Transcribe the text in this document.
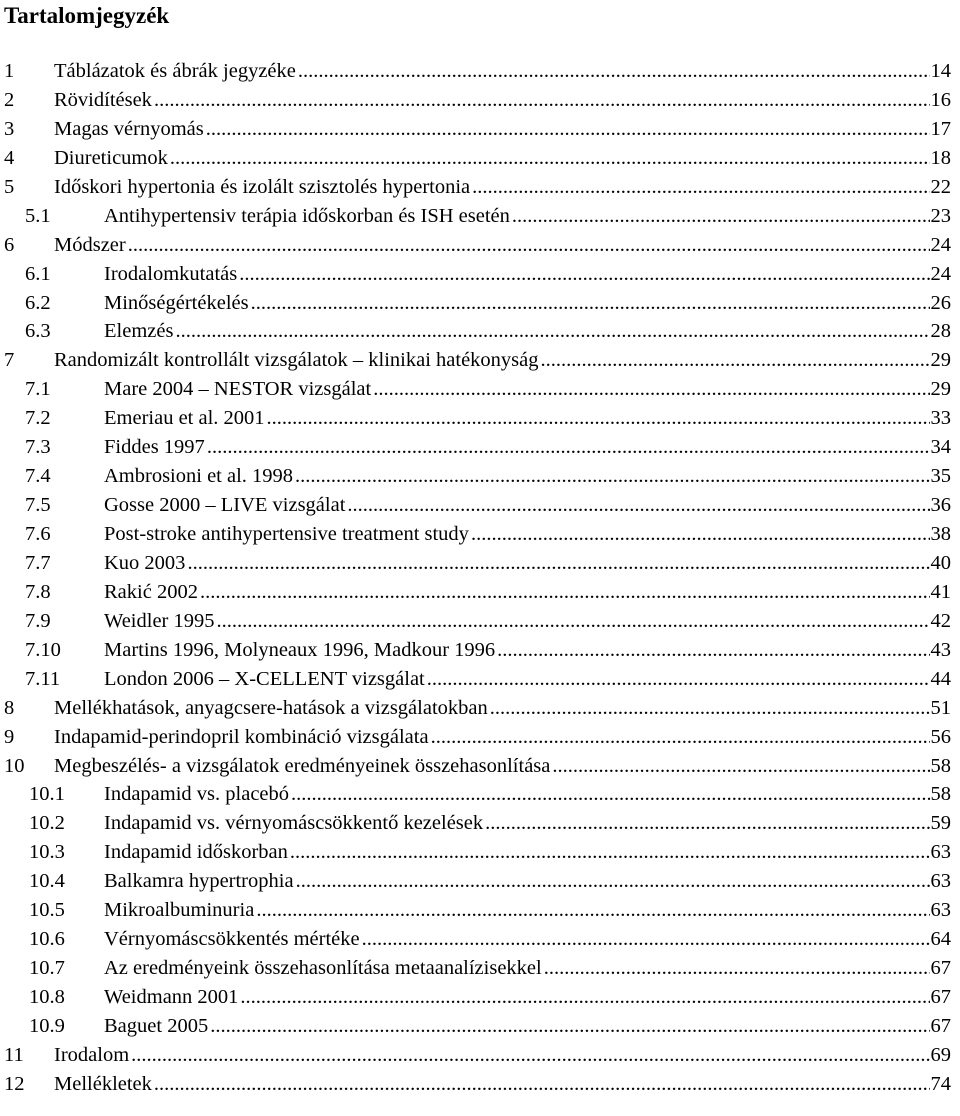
Tartalomjegyzék
1 Táblázatok és ábrák jegyzéke .....	14
2 Rövidítések .....	16
3 Magas vérnyomás .....	17
4 Diureticumok .....	18
5 Időskori hypertonia és izolált szisztolés hypertonia .....	22
5.1	Antihypertensiv terápia időskorban és ISH esetén .....	23
6 Módszer .....	24
6.1	Irodalomkutatás .....	24
6.2	Minőségértékelés .....	26
6.3	Elemzés .....	28
7 Randomizált kontrollált vizsgálatok – klinikai hatékonyság .....	29
7.1	Mare 2004 – NESTOR vizsgálat .....	29
7.2	Emeriau et al. 2001 .....	33
7.3	Fiddes 1997 .....	34
7.4	Ambrosioni et al. 1998 .....	35
7.5	Gosse 2000 – LIVE vizsgálat .....	36
7.6	Post-stroke antihypertensive treatment study .....	38
7.7	Kuo 2003 .....	40
7.8	Rakić 2002 .....	41
7.9	Weidler 1995 .....	42
7.10 Martins 1996, Molyneaux 1996, Madkour 1996 .....	43
7.11 London 2006 – X-CELLENT vizsgálat .....	44
8 Mellékhatások, anyagcsere-hatások a vizsgálatokban .....	51
9 Indapamid-perindopril kombináció vizsgálata .....	56
10 Megbeszélés- a vizsgálatok eredményeinek összehasonlítása .....	58
10.1 Indapamid vs. placebó .....	58
10.2 Indapamid vs. vérnyomáscsökkentő kezelések .....	59
10.3 Indapamid időskorban .....	63
10.4 Balkamra hypertrophia .....	63
10.5 Mikroalbuminuria .....	63
10.6 Vérnyomáscsökkentés mértéke .....	64
10.7 Az eredményeink összehasonlítása metaanalízisekkel .....	67
10.8 Weidmann 2001 .....	67
10.9 Baguet 2005 .....	67
11 Irodalom .....	69
12 Mellékletek .....	74
